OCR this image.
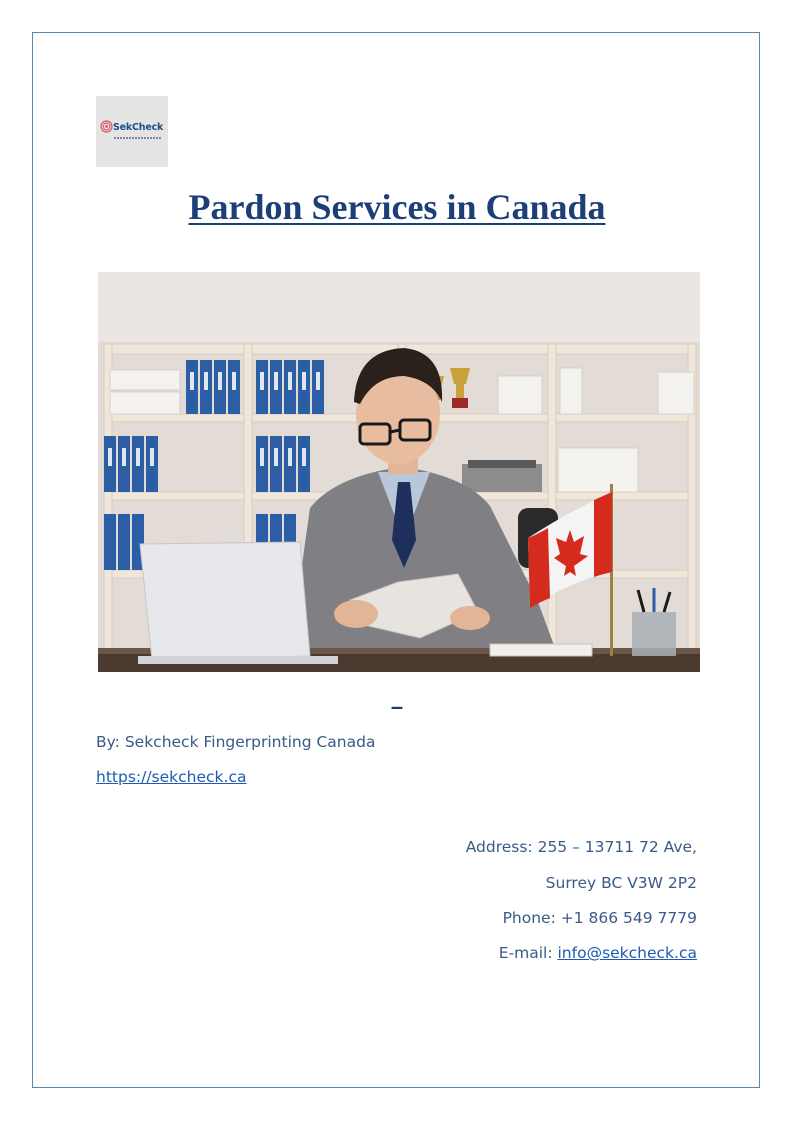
SekCheck
Pardon Services in Canada
–
By: Sekcheck Fingerprinting Canada
https://sekcheck.ca
Address: 255 – 13711 72 Ave,
Surrey BC V3W 2P2
Phone: +1 866 549 7779
E-mail: info@sekcheck.ca
